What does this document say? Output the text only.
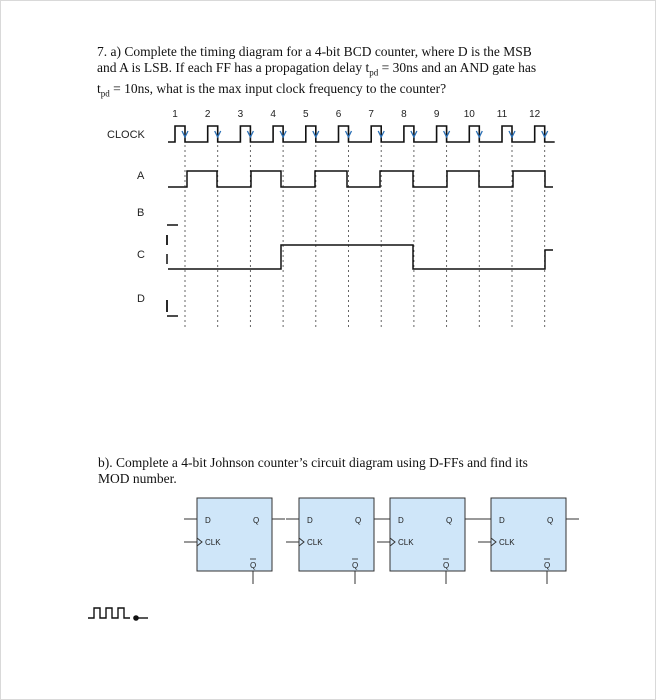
7. a) Complete the timing diagram for a 4-bit BCD counter, where D is the MSB
and A is LSB. If each FF has a propagation delay $t_{pd} = 30ns$ and an AND gate has
$t_{pd} = 10ns$, what is the max input clock frequency to the counter?
1	2	3	4	5	6	7	8	9 10 11 12
CLOCK
A
B
C
D
b). Complete a 4-bit Johnson counter’s circuit diagram using D-FFs and find its
MOD number.
D	Q
CLK
Q
D	Q
CLK
Q
D	Q
CLK
Q
D	Q
CLK
Q
